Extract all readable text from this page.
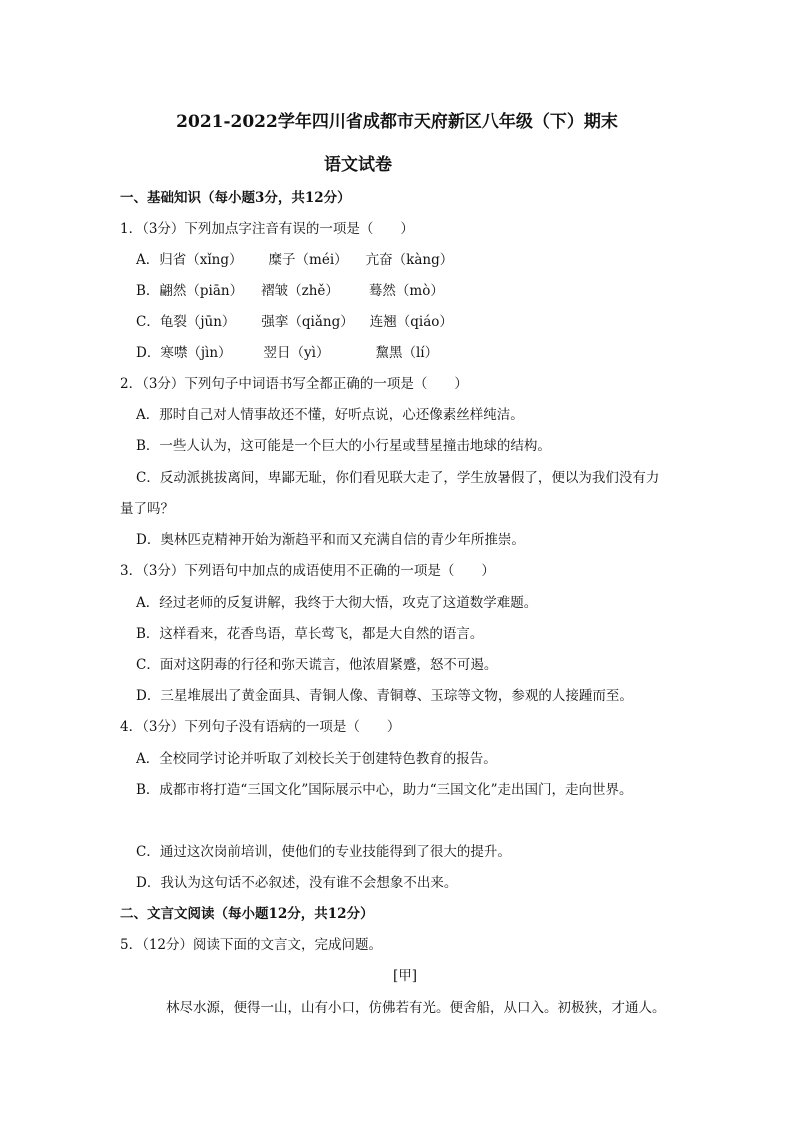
2021-2022学年四川省成都市天府新区八年级（下）期末
语文试卷
一、基础知识（每小题3分，共12分）
1．（3分）下列加点字注音有误的一项是（　　）
A．归省（xǐng） 糜子（méi） 亢奋（kàng）
B．翩然（piān） 褶皱（zhě） 蓦然（mò）
C．龟裂（jūn） 强挛（qiǎng） 连翘（qiáo）
D．寒噤（jìn） 翌日（yì）	黧黑（lí）
2．（3分）下列句子中词语书写全都正确的一项是（　　）
A．那时自己对人情事故还不懂，好听点说，心还像素丝样纯洁。
B．一些人认为，这可能是一个巨大的小行星或彗星撞击地球的结构。
C．反动派挑拔离间，卑鄙无耻，你们看见联大走了，学生放暑假了，便以为我们没有力
量了吗？
D．奥林匹克精神开始为渐趋平和而又充满自信的青少年所推崇。
3．（3分）下列语句中加点的成语使用不正确的一项是（　　）
A．经过老师的反复讲解，我终于大彻大悟，攻克了这道数学难题。
B．这样看来，花香鸟语，草长莺飞，都是大自然的语言。
C．面对这阴毒的行径和弥天谎言，他浓眉紧蹙，怒不可遏。
D．三星堆展出了黄金面具、青铜人像、青铜尊、玉琮等文物，参观的人接踵而至。
4．（3分）下列句子没有语病的一项是（　　）
A．全校同学讨论并听取了刘校长关于创建特色教育的报告。
B．成都市将打造“三国文化”国际展示中心，助力“三国文化”走出国门，走向世界。
C．通过这次岗前培训，使他们的专业技能得到了很大的提升。
D．我认为这句话不必叙述，没有谁不会想象不出来。
二、文言文阅读（每小题12分，共12分）
5．（12分）阅读下面的文言文，完成问题。
[甲]
林尽水源，便得一山，山有小口，仿佛若有光。便舍船，从口入。初极狭，才通人。
